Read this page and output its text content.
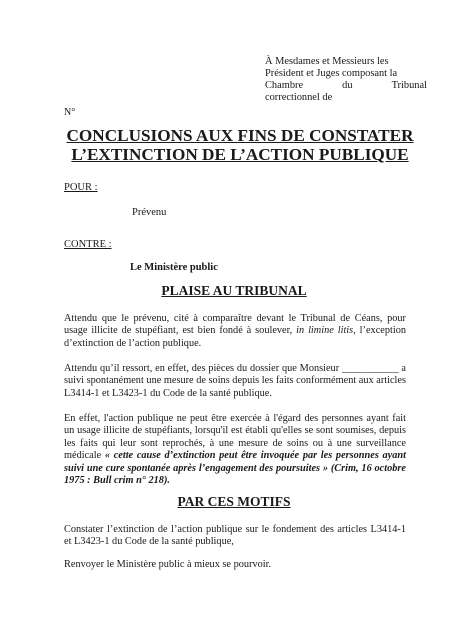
À Mesdames et Messieurs les
Président et Juges composant la
Chambre	du	Tribunal
correctionnel de
N°
CONCLUSIONS AUX FINS DE CONSTATER
L’EXTINCTION DE L’ACTION PUBLIQUE
POUR :
Prévenu
CONTRE :
Le Ministère public
PLAISE AU TRIBUNAL
Attendu que le prévenu, cité à comparaître devant le Tribunal de Céans, pour usage illicite de stupéfiant, est bien fondé à soulever, in limine litis, l’exception d’extinction de l’action publique.
Attendu qu’il ressort, en effet, des pièces du dossier que Monsieur ___________ a suivi spontanément une mesure de soins depuis les faits conformément aux articles L3414-1 et L3423-1 du Code de la santé publique.
En effet, l'action publique ne peut être exercée à l'égard des personnes ayant fait un usage illicite de stupéfiants, lorsqu'il est établi qu'elles se sont soumises, depuis les faits qui leur sont reprochés, à une mesure de soins ou à une surveillance médicale « cette cause d’extinction peut être invoquée par les personnes ayant suivi une cure spontanée après l’engagement des poursuites » (Crim, 16 octobre 1975 : Bull crim n° 218).
PAR CES MOTIFS
Constater l’extinction de l’action publique sur le fondement des articles L3414-1 et L3423-1 du Code de la santé publique,
Renvoyer le Ministère public à mieux se pourvoir.
